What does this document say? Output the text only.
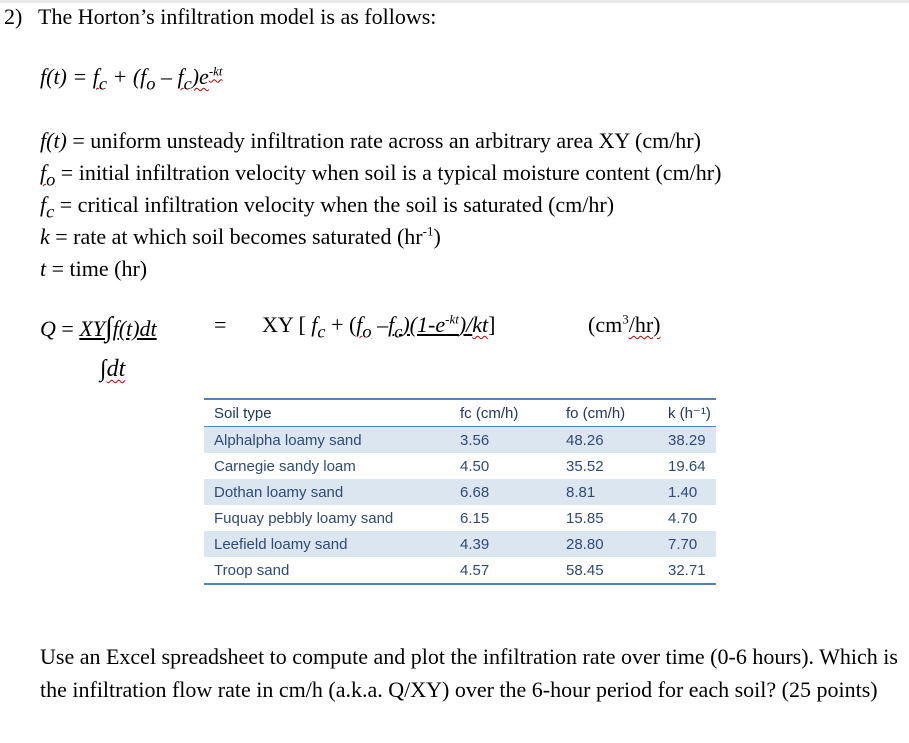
2) The Horton’s infiltration model is as follows:
$f(t) = f_c + (f_o - f_c)e^{-kt}$
f(t) = uniform unsteady infiltration rate across an arbitrary area XY (cm/hr)
$f_o$ = initial infiltration velocity when soil is a typical moisture content (cm/hr)
$f_c$ = critical infiltration velocity when the soil is saturated (cm/hr)
k = rate at which soil becomes saturated $(hr^{-1})$
t = time (hr)
Q = XY∫f(t)dt	= XY [ $f_c + (f_o$ $-f_c)(1-e^{-kt})/kt$]	$(cm^3/hr)$
∫dt
Soil type	fc (cm/h)	fo (cm/h)	k (h⁻¹)
Alphalpha loamy sand	3.56	48.26	38.29
Carnegie sandy loam	4.50	35.52	19.64
Dothan loamy sand	6.68	8.81	1.40
Fuquay pebbly loamy sand	6.15	15.85	4.70
Leefield loamy sand	4.39	28.80	7.70
Troop sand	4.57	58.45	32.71
Use an Excel spreadsheet to compute and plot the infiltration rate over time (0-6 hours). Which is the infiltration flow rate in cm/h (a.k.a. Q/XY) over the 6-hour period for each soil? (25 points)
